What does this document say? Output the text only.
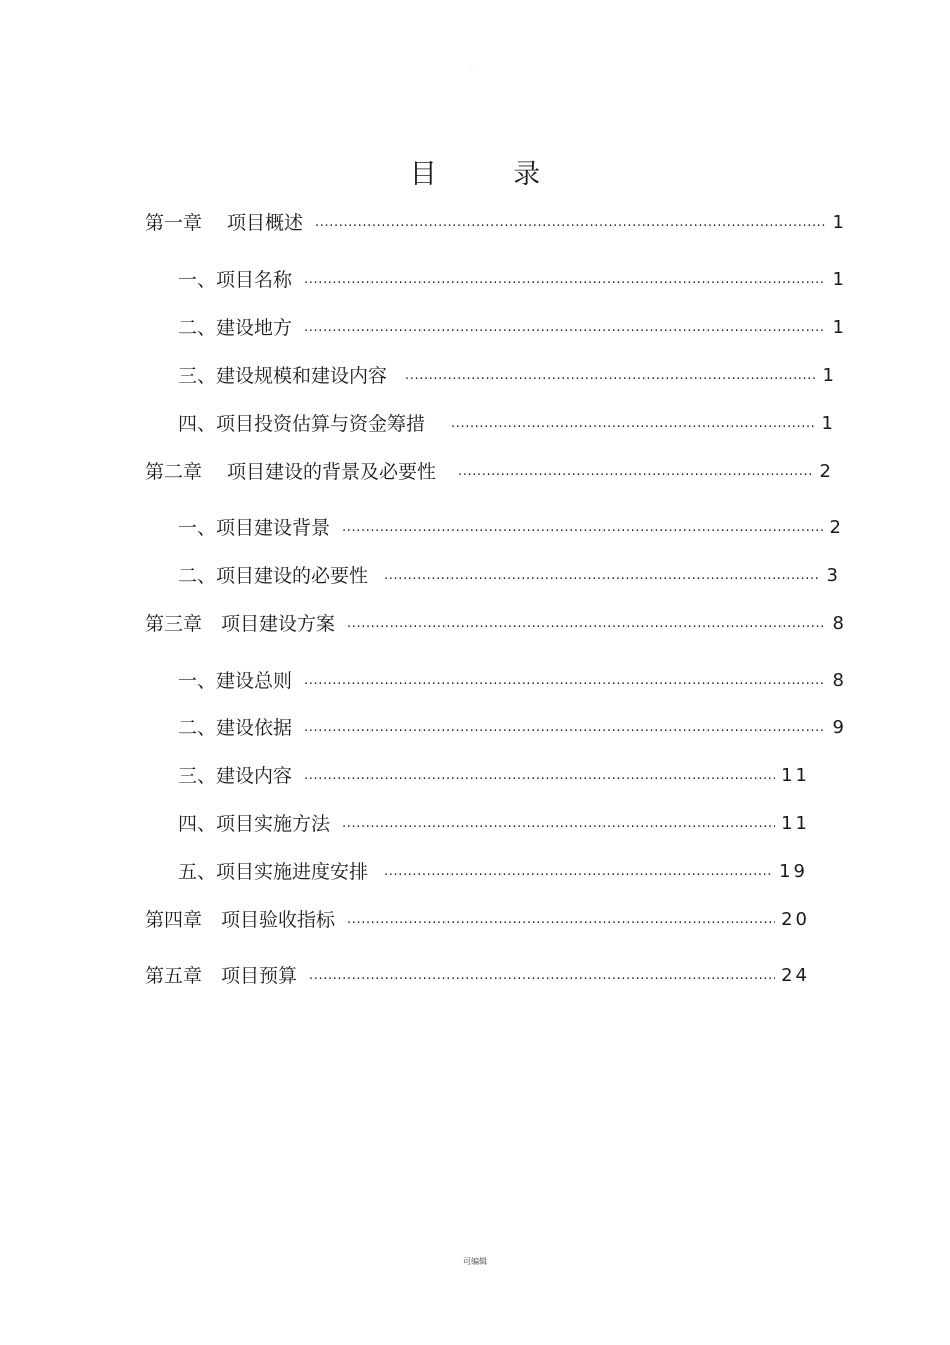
·
目 录
第一章　 项目概述 .....	1
一、项目名称 .....	1
二、建设地方 .....	1
三、建设规模和建设内容 .....	1
四、项目投资估算与资金筹措 .....	1
第二章　 项目建设的背景及必要性 .....	2
一、项目建设背景 .....	2
二、项目建设的必要性 .....	3
第三章　项目建设方案 .....	8
一、建设总则 .....	8
二、建设依据 .....	9
三、建设内容 .....	11
四、项目实施方法 .....	11
五、项目实施进度安排 .....	19
第四章　项目验收指标 .....	20
第五章　项目预算 .....	24
可编辑
